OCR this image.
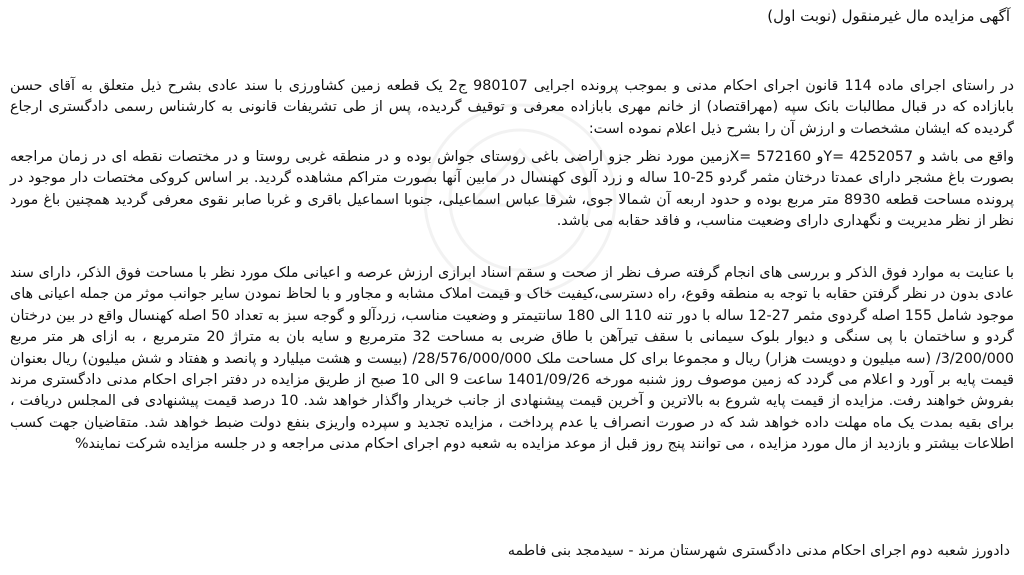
آگهی مزایده مال غیرمنقول (نوبت اول)

در راستای اجرای ماده 114 قانون اجرای احکام مدنی و بموجب پرونده اجرایی 980107 ج2 یک قطعه زمین کشاورزی با سند عادی بشرح ذیل متعلق به آقای حسن بابازاده که در قبال مطالبات بانک سپه (مهراقتصاد) از خانم مهری بابازاده معرفی و توقیف گردیده، پس از طی تشریفات قانونی به کارشناس رسمی دادگستری ارجاع گردیده که ایشان مشخصات و ارزش آن را بشرح ذیل اعلام نموده است:

واقع می باشد و Y= 4252057و X= 572160زمین مورد نظر جزو اراضی باغی روستای جواش بوده و در منطقه غربی روستا و در مختصات نقطه ای در زمان مراجعه بصورت باغ مشجر دارای عمدتا درختان مثمر گردو 25-10 ساله و زرد آلوی کهنسال در مابین آنها بصورت متراکم مشاهده گردید. بر اساس کروکی مختصات دار موجود در پرونده مساحت قطعه 8930 متر مربع بوده و حدود اربعه آن شمالا جوی، شرقا عباس اسماعیلی، جنوبا اسماعیل باقری و غربا صابر نقوی معرفی گردید همچنین باغ مورد نظر از نظر مدیریت و نگهداری دارای وضعیت مناسب، و فاقد حقابه می باشد.

با عنایت به موارد فوق الذکر و بررسی های انجام گرفته صرف نظر از صحت و سقم اسناد ابرازی ارزش عرصه و اعیانی ملک مورد نظر با مساحت فوق الذکر، دارای سند عادی بدون در نظر گرفتن حقابه با توجه به منطقه وقوع، راه دسترسی،کیفیت خاک و قیمت املاک مشابه و مجاور و با لحاظ نمودن سایر جوانب موثر من جمله اعیانی های موجود شامل 155 اصله گردوی مثمر 27-12 ساله با دور تنه 110 الی 180 سانتیمتر و وضعیت مناسب، زردآلو و گوجه سبز به تعداد 50 اصله کهنسال واقع در بین درختان گردو و ساختمان با پی سنگی و دیوار بلوک سیمانی با سقف تیرآهن با طاق ضربی به مساحت 32 مترمربع و سایه بان به متراژ 20 مترمربع ، به ازای هر متر مربع 3/200/000/ (سه میلیون و دویست هزار) ریال و مجموعا برای کل مساحت ملک 28/576/000/000/ (بیست و هشت میلیارد و پانصد و هفتاد و شش میلیون) ریال بعنوان قیمت پایه بر آورد و اعلام می گردد که زمین موصوف روز شنبه مورخه 1401/09/26 ساعت 9 الی 10 صبح از طریق مزایده در دفتر اجرای احکام مدنی دادگستری مرند بفروش خواهند رفت. مزایده از قیمت پایه شروع به بالاترین و آخرین قیمت پیشنهادی از جانب خریدار واگذار خواهد شد. 10 درصد قیمت پیشنهادی فی المجلس دریافت ، برای بقیه بمدت یک ماه مهلت داده خواهد شد که در صورت انصراف یا عدم پرداخت ، مزایده تجدید و سپرده واریزی بنفع دولت ضبط خواهد شد. متقاضیان جهت کسب اطلاعات بیشتر و بازدید از مال مورد مزایده ، می توانند پنج روز قبل از موعد مزایده به شعبه دوم اجرای احکام مدنی مراجعه و در جلسه مزایده شرکت نمایند%

دادورز شعبه دوم اجرای احکام مدنی دادگستری شهرستان مرند - سیدمجد بنی فاطمه
